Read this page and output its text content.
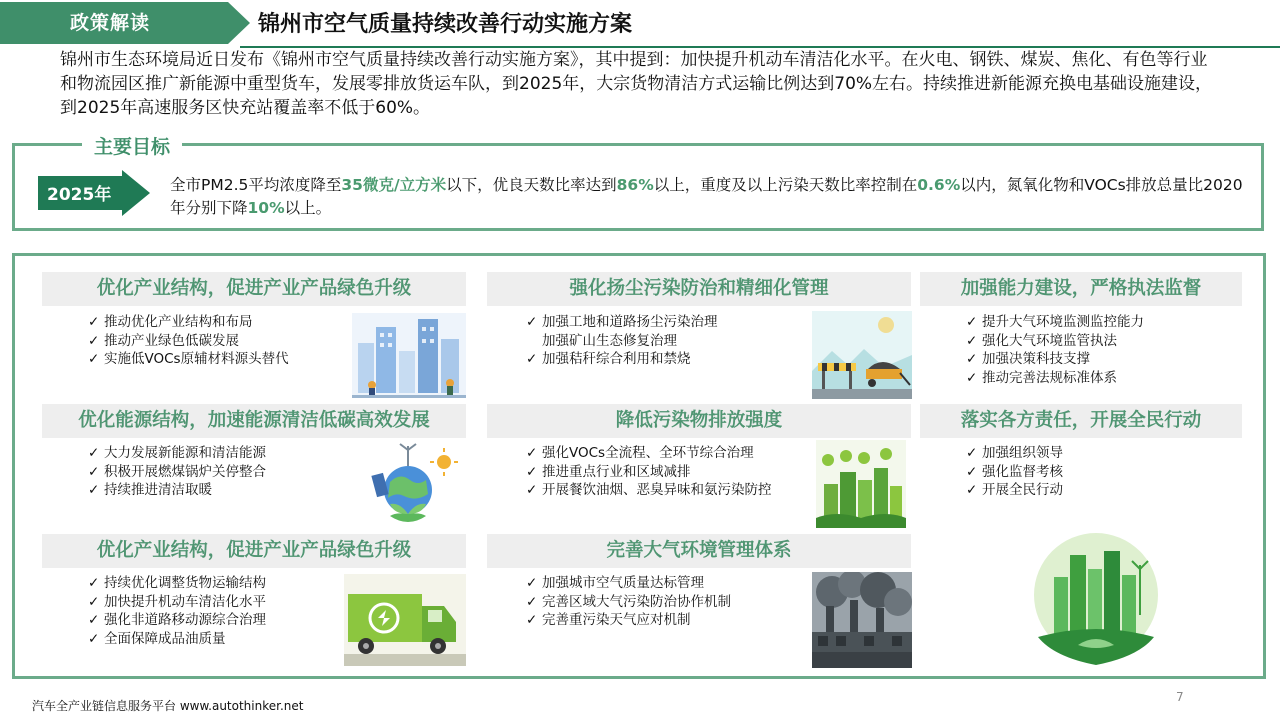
政策解读	锦州市空气质量持续改善行动实施方案
锦州市生态环境局近日发布《锦州市空气质量持续改善行动实施方案》，其中提到：加快提升机动车清洁化水平。在火电、钢铁、煤炭、焦化、有色等行业和物流园区推广新能源中重型货车，发展零排放货运车队，到2025年，大宗货物清洁方式运输比例达到70%左右。持续推进新能源充换电基础设施建设，到2025年高速服务区快充站覆盖率不低于60%。
主要目标
2025年	全市PM2.5平均浓度降至35微克/立方米以下，优良天数比率达到86%以上，重度及以上污染天数比率控制在0.6%以内，氮氧化物和VOCs排放总量比2020年分别下降10%以上。
优化产业结构，促进产业产品绿色升级
✓ 推动优化产业结构和布局
✓ 推动产业绿色低碳发展
✓ 实施低VOCs原辅材料源头替代
强化扬尘污染防治和精细化管理
✓ 加强工地和道路扬尘污染治理
加强矿山生态修复治理
✓ 加强秸秆综合利用和禁烧
加强能力建设，严格执法监督
✓ 提升大气环境监测监控能力
✓ 强化大气环境监管执法
✓ 加强决策科技支撑
✓ 推动完善法规标准体系
优化能源结构，加速能源清洁低碳高效发展
✓ 大力发展新能源和清洁能源
✓ 积极开展燃煤锅炉关停整合
✓ 持续推进清洁取暖
降低污染物排放强度
✓ 强化VOCs全流程、全环节综合治理
✓ 推进重点行业和区域减排
✓ 开展餐饮油烟、恶臭异味和氨污染防控
落实各方责任，开展全民行动
✓ 加强组织领导
✓ 强化监督考核
✓ 开展全民行动
优化产业结构，促进产业产品绿色升级
✓ 持续优化调整货物运输结构
✓ 加快提升机动车清洁化水平
✓ 强化非道路移动源综合治理
✓ 全面保障成品油质量
完善大气环境管理体系
✓ 加强城市空气质量达标管理
✓ 完善区域大气污染防治协作机制
✓ 完善重污染天气应对机制
汽车全产业链信息服务平台 www.autothinker.net
7
